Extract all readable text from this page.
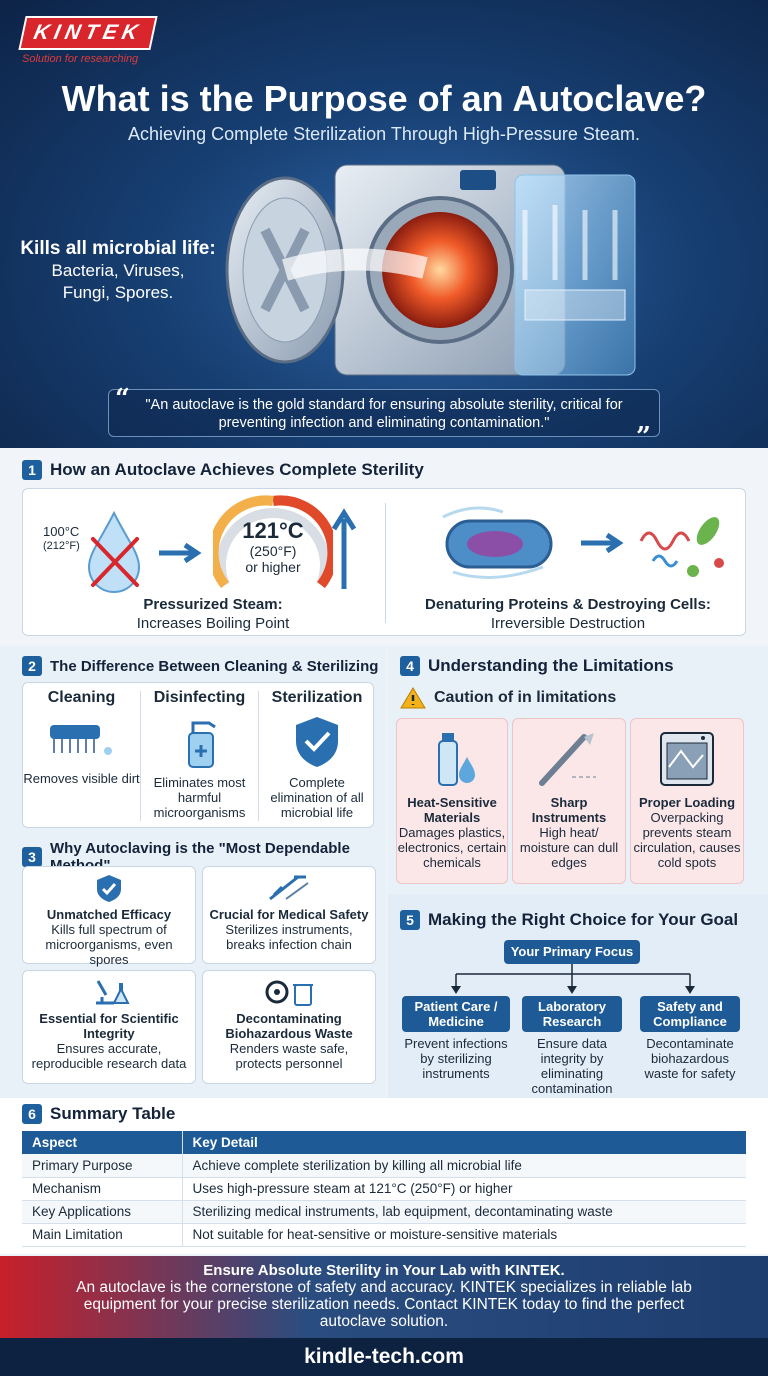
KINTEK
Solution for researching
What is the Purpose of an Autoclave?
Achieving Complete Sterilization Through High-Pressure Steam.
Kills all microbial life:
Bacteria, Viruses,
Fungi, Spores.
“ "An autoclave is the gold standard for ensuring absolute sterility, critical for preventing infection and eliminating contamination."	”
1 How an Autoclave Achieves Complete Sterility
100°C
(212°F)
121°C
(250°F)
or higher
Pressurized Steam:
Increases Boiling Point
Denaturing Proteins & Destroying Cells:
Irreversible Destruction
2 The Difference Between Cleaning & Sterilizing
Cleaning
Removes visible dirt
Disinfecting
Eliminates most harmful microorganisms
Sterilization
Complete elimination of all microbial life
3 Why Autoclaving is the "Most Dependable
Unmatched Efficacy
Kills full spectrum of microorganisms, even spores
Crucial for Medical Safety
Sterilizes instruments, breaks infection chain
Essential for Scientific Integrity
Ensures accurate, reproducible research data
Decontaminating Biohazardous Waste
Renders waste safe, protects personnel
4 Understanding the Limitations
Caution of in limitations
Heat-Sensitive Materials
Damages plastics, electronics, certain chemicals
Sharp Instruments
High heat/ moisture can dull edges
Proper Loading
Overpacking prevents steam circulation, causes cold spots
5 Making the Right Choice for Your Goal
Your Primary Focus
Patient Care / Medicine
Prevent infections by sterilizing instruments
Laboratory Research
Ensure data integrity by eliminating contamination
Safety and Compliance
Decontaminate biohazardous waste for safety
6 Summary Table
Aspect	Key Detail
Primary Purpose	Achieve complete sterilization by killing all microbial life
Mechanism	Uses high-pressure steam at 121°C (250°F) or higher
Key Applications	Sterilizing medical instruments, lab equipment, decontaminating waste
Main Limitation	Not suitable for heat-sensitive or moisture-sensitive materials
Ensure Absolute Sterility in Your Lab with KINTEK.
An autoclave is the cornerstone of safety and accuracy. KINTEK specializes in reliable lab equipment for your precise sterilization needs. Contact KINTEK today to find the perfect autoclave solution.
kindle-tech.com
